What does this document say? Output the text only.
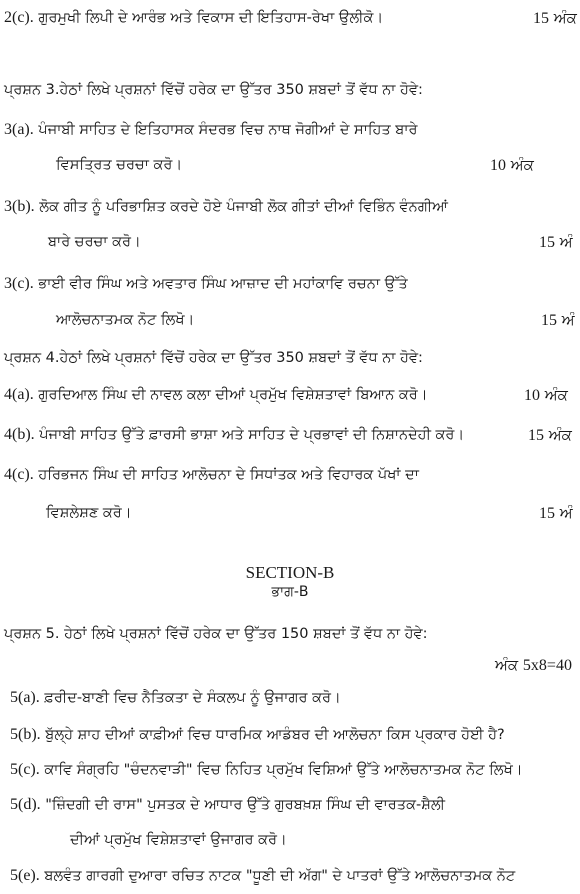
2(c). ਗੁਰਮੁਖੀ ਲਿਪੀ ਦੇ ਆਰੰਭ ਅਤੇ ਵਿਕਾਸ ਦੀ ਇਤਿਹਾਸ-ਰੇਖਾ ਉਲੀਕੋ।	15 ਅੰਕ
ਪ੍ਰਸ਼ਨ 3.ਹੇਠਾਂ ਲਿਖੇ ਪ੍ਰਸ਼ਨਾਂ ਵਿੱਚੋਂ ਹਰੇਕ ਦਾ ਉੱਤਰ 350 ਸ਼ਬਦਾਂ ਤੋਂ ਵੱਧ ਨਾ ਹੋਵੇ:
3(a). ਪੰਜਾਬੀ ਸਾਹਿਤ ਦੇ ਇਤਿਹਾਸਕ ਸੰਦਰਭ ਵਿਚ ਨਾਥ ਜੋਗੀਆਂ ਦੇ ਸਾਹਿਤ ਬਾਰੇ
ਵਿਸਤ੍ਰਿਤ ਚਰਚਾ ਕਰੋ।	10 ਅੰਕ
3(b). ਲੋਕ ਗੀਤ ਨੂੰ ਪਰਿਭਾਸ਼ਿਤ ਕਰਦੇ ਹੋਏ ਪੰਜਾਬੀ ਲੋਕ ਗੀਤਾਂ ਦੀਆਂ ਵਿਭਿੰਨ ਵੰਨਗੀਆਂ
ਬਾਰੇ ਚਰਚਾ ਕਰੋ।	15 ਅੰ
3(c). ਭਾਈ ਵੀਰ ਸਿੰਘ ਅਤੇ ਅਵਤਾਰ ਸਿੰਘ ਆਜ਼ਾਦ ਦੀ ਮਹਾਂਕਾਵਿ ਰਚਨਾ ਉੱਤੇ
ਆਲੋਚਨਾਤਮਕ ਨੋਟ ਲਿਖੋ।	15 ਅੰ
ਪ੍ਰਸ਼ਨ 4.ਹੇਠਾਂ ਲਿਖੇ ਪ੍ਰਸ਼ਨਾਂ ਵਿੱਚੋਂ ਹਰੇਕ ਦਾ ਉੱਤਰ 350 ਸ਼ਬਦਾਂ ਤੋਂ ਵੱਧ ਨਾ ਹੋਵੇ:
4(a). ਗੁਰਦਿਆਲ ਸਿੰਘ ਦੀ ਨਾਵਲ ਕਲਾ ਦੀਆਂ ਪ੍ਰਮੁੱਖ ਵਿਸ਼ੇਸ਼ਤਾਵਾਂ ਬਿਆਨ ਕਰੋ।	10 ਅੰਕ
4(b). ਪੰਜਾਬੀ ਸਾਹਿਤ ਉੱਤੇ ਫ਼ਾਰਸੀ ਭਾਸ਼ਾ ਅਤੇ ਸਾਹਿਤ ਦੇ ਪ੍ਰਭਾਵਾਂ ਦੀ ਨਿਸ਼ਾਨਦੇਹੀ ਕਰੋ।	15 ਅੰਕ
4(c). ਹਰਿਭਜਨ ਸਿੰਘ ਦੀ ਸਾਹਿਤ ਆਲੋਚਨਾ ਦੇ ਸਿਧਾਂਤਕ ਅਤੇ ਵਿਹਾਰਕ ਪੱਖਾਂ ਦਾ
ਵਿਸ਼ਲੇਸ਼ਣ ਕਰੋ।	15 ਅੰ
SECTION-B
ਭਾਗ-B
ਪ੍ਰਸ਼ਨ 5. ਹੇਠਾਂ ਲਿਖੇ ਪ੍ਰਸ਼ਨਾਂ ਵਿੱਚੋਂ ਹਰੇਕ ਦਾ ਉੱਤਰ 150 ਸ਼ਬਦਾਂ ਤੋਂ ਵੱਧ ਨਾ ਹੋਵੇ:
ਅੰਕ 5x8=40
5(a). ਫ਼ਰੀਦ-ਬਾਣੀ ਵਿਚ ਨੈਤਿਕਤਾ ਦੇ ਸੰਕਲਪ ਨੂੰ ਉਜਾਗਰ ਕਰੋ।
5(b). ਬੁੱਲ੍ਹੇ ਸ਼ਾਹ ਦੀਆਂ ਕਾਫ਼ੀਆਂ ਵਿਚ ਧਾਰਮਿਕ ਆਡੰਬਰ ਦੀ ਆਲੋਚਨਾ ਕਿਸ ਪ੍ਰਕਾਰ ਹੋਈ ਹੈ?
5(c). ਕਾਵਿ ਸੰਗ੍ਰਹਿ "ਚੰਦਨਵਾੜੀ" ਵਿਚ ਨਿਹਿਤ ਪ੍ਰਮੁੱਖ ਵਿਸ਼ਿਆਂ ਉੱਤੇ ਆਲੋਚਨਾਤਮਕ ਨੋਟ ਲਿਖੋ।
5(d). "ਜ਼ਿੰਦਗੀ ਦੀ ਰਾਸ" ਪੁਸਤਕ ਦੇ ਆਧਾਰ ਉੱਤੇ ਗੁਰਬਖ਼ਸ਼ ਸਿੰਘ ਦੀ ਵਾਰਤਕ-ਸ਼ੈਲੀ
ਦੀਆਂ ਪ੍ਰਮੁੱਖ ਵਿਸ਼ੇਸ਼ਤਾਵਾਂ ਉਜਾਗਰ ਕਰੋ।
5(e). ਬਲਵੰਤ ਗਾਰਗੀ ਦੁਆਰਾ ਰਚਿਤ ਨਾਟਕ "ਧੂਣੀ ਦੀ ਅੱਗ" ਦੇ ਪਾਤਰਾਂ ਉੱਤੇ ਆਲੋਚਨਾਤਮਕ ਨੋਟ
